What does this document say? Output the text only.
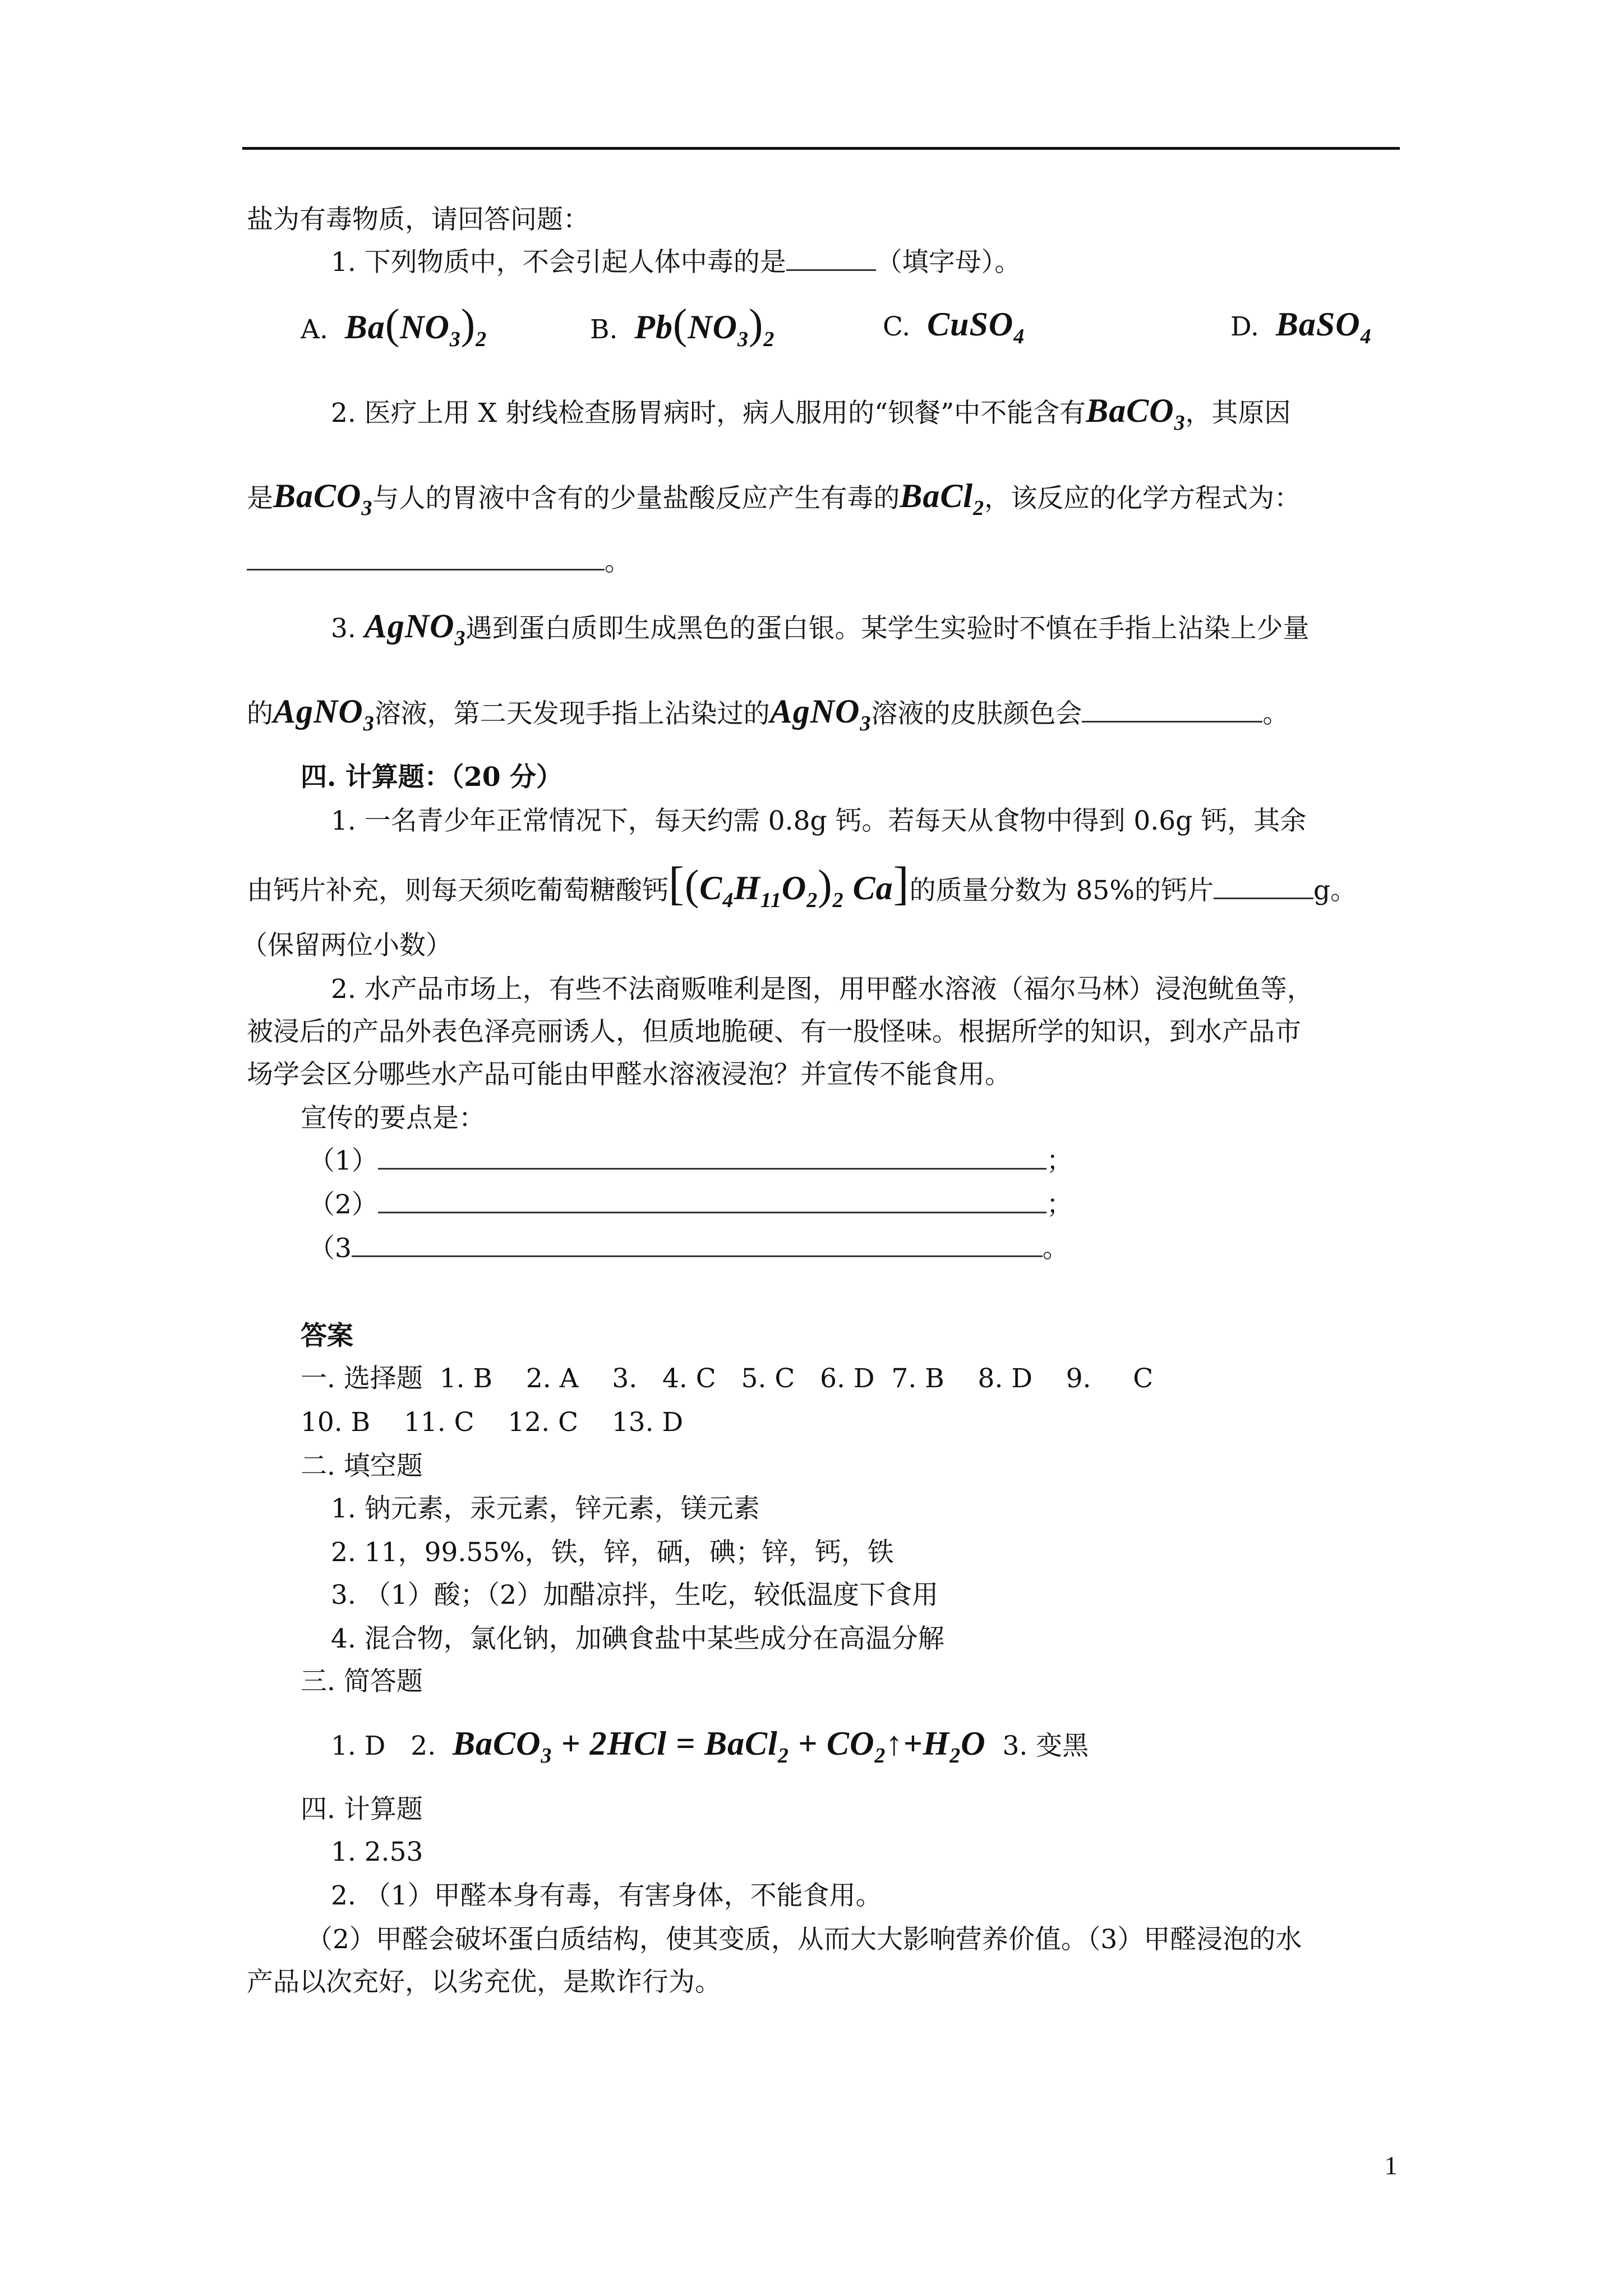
盐为有毒物质，请回答问题：
1. 下列物质中，不会引起人体中毒的是	（填字母）。
A. $Ba(NO_3)_2$	B. $Pb(NO_3)_2$	C. CuSO$_4$	D. BaSO$_4$
2. 医疗上用 X 射线检查肠胃病时，病人服用的“钡餐”中不能含有BaCO$_3$，其原因
是BaCO$_3$与人的胃液中含有的少量盐酸反应产生有毒的BaCl$_2$，该反应的化学方程式为：
。
3. AgNO$_3$遇到蛋白质即生成黑色的蛋白银。某学生实验时不慎在手指上沾染上少量
的AgNO$_3$溶液，第二天发现手指上沾染过的AgNO$_3$溶液的皮肤颜色会	。
四. 计算题：（20 分）
1. 一名青少年正常情况下，每天约需 0.8g 钙。若每天从食物中得到 0.6g 钙，其余
由钙片补充，则每天须吃葡萄糖酸钙[$(C_4H_{11}O_2)_2$ Ca]的质量分数为 85%的钙片	g。
（保留两位小数）
2. 水产品市场上，有些不法商贩唯利是图，用甲醛水溶液（福尔马林）浸泡鱿鱼等，
被浸后的产品外表色泽亮丽诱人，但质地脆硬、有一股怪味。根据所学的知识，到水产品市
场学会区分哪些水产品可能由甲醛水溶液浸泡？并宣传不能食用。
宣传的要点是：
（1）	；
（2）	；
（3	。
答案
一. 选择题  1. B    2. A    3.   4. C   5. C   6. D  7. B    8. D    9.     C
10. B    11. C    12. C    13. D
二. 填空题
1. 钠元素，汞元素，锌元素，镁元素
2. 11，99.55%，铁，锌，硒，碘；锌，钙，铁
3. （1）酸；（2）加醋凉拌，生吃，较低温度下食用
4. 混合物，氯化钠，加碘食盐中某些成分在高温分解
三. 简答题
1. D   2. BaCO$_3$ + 2HCl = BaCl$_2$ + $CO_2↑+H_2O$ 3. 变黑
四. 计算题
1. 2.53
2. （1）甲醛本身有毒，有害身体，不能食用。
（2）甲醛会破坏蛋白质结构，使其变质，从而大大影响营养价值。（3）甲醛浸泡的水
产品以次充好，以劣充优，是欺诈行为。
1
